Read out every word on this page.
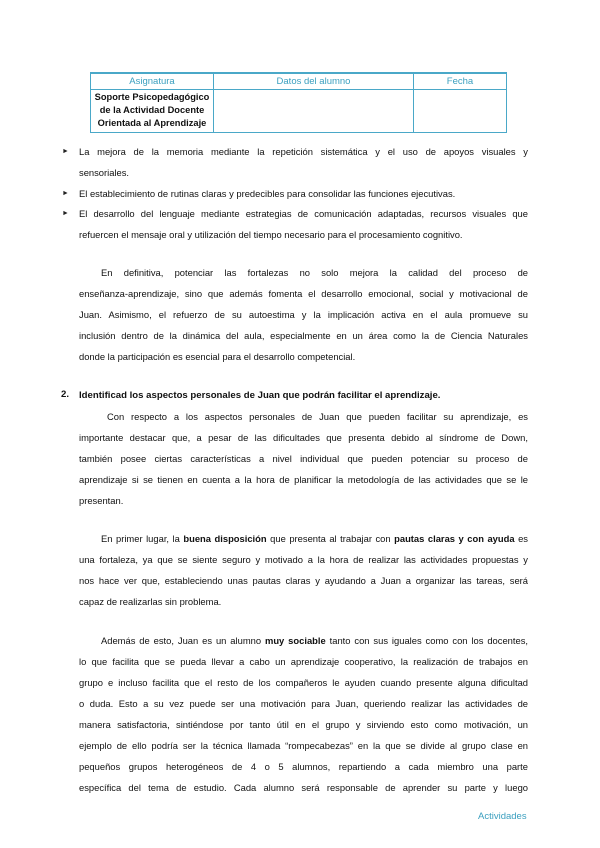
Asignatura	Datos del alumno	Fecha

Soporte Psicopedagógico
de la Actividad Docente
Orientada al Aprendizaje		

► La mejora de la memoria mediante la repetición sistemática y el uso de apoyos visuales y

sensoriales.

► El establecimiento de rutinas claras y predecibles para consolidar las funciones ejecutivas.

► El desarrollo del lenguaje mediante estrategias de comunicación adaptadas, recursos visuales que

refuercen el mensaje oral y utilización del tiempo necesario para el procesamiento cognitivo.

En definitiva, potenciar las fortalezas no solo mejora la calidad del proceso de

enseñanza-aprendizaje, sino que además fomenta el desarrollo emocional, social y motivacional de

Juan. Asimismo, el refuerzo de su autoestima y la implicación activa en el aula promueve su

inclusión dentro de la dinámica del aula, especialmente en un área como la de Ciencia Naturales

donde la participación es esencial para el desarrollo competencial.

2. Identificad los aspectos personales de Juan que podrán facilitar el aprendizaje.

Con respecto a los aspectos personales de Juan que pueden facilitar su aprendizaje, es

importante destacar que, a pesar de las dificultades que presenta debido al síndrome de Down,

también posee ciertas características a nivel individual que pueden potenciar su proceso de

aprendizaje si se tienen en cuenta a la hora de planificar la metodología de las actividades que se le

presentan.

En primer lugar, la buena disposición que presenta al trabajar con pautas claras y con ayuda es

una fortaleza, ya que se siente seguro y motivado a la hora de realizar las actividades propuestas y

nos hace ver que, estableciendo unas pautas claras y ayudando a Juan a organizar las tareas, será

capaz de realizarlas sin problema.

Además de esto, Juan es un alumno muy sociable tanto con sus iguales como con los docentes,

lo que facilita que se pueda llevar a cabo un aprendizaje cooperativo, la realización de trabajos en

grupo e incluso facilita que el resto de los compañeros le ayuden cuando presente alguna dificultad

o duda. Esto a su vez puede ser una motivación para Juan, queriendo realizar las actividades de

manera satisfactoria, sintiéndose por tanto útil en el grupo y sirviendo esto como motivación, un

ejemplo de ello podría ser la técnica llamada “rompecabezas” en la que se divide al grupo clase en

pequeños grupos heterogéneos de 4 o 5 alumnos, repartiendo a cada miembro una parte

específica del tema de estudio. Cada alumno será responsable de aprender su parte y luego

Actividades
